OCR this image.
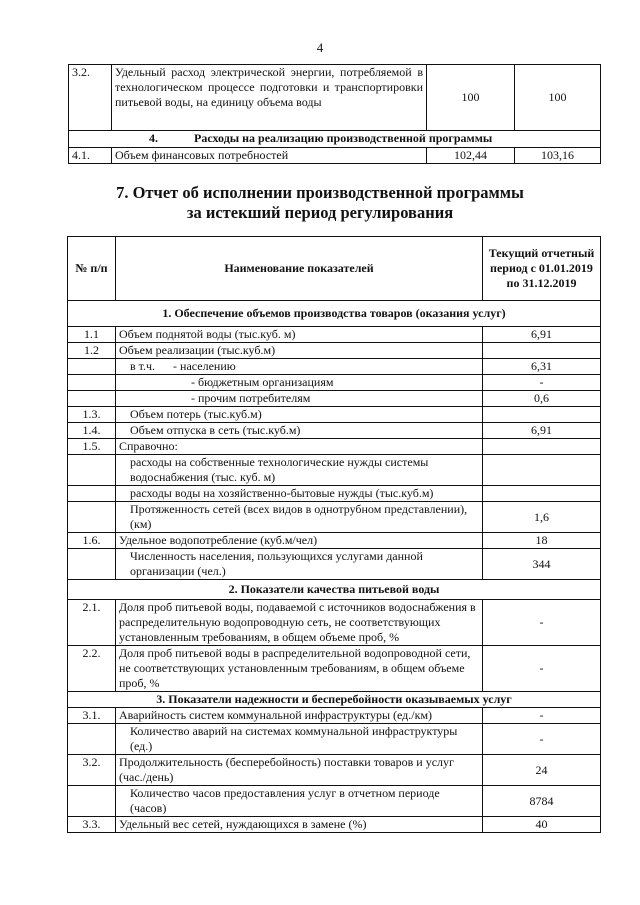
4
3.2.	Удельный расход электрической энергии, потребляемой в технологическом процессе подготовки и транспортировки питьевой воды, на единицу объема воды	100	100
4. Расходы на реализацию производственной программы			
4.1.	Объем финансовых потребностей	102,44	103,16
7. Отчет об исполнении производственной программы
за истекший период регулирования
№ п/п	Наименование показателей	Текущий отчетный период с 01.01.2019 по 31.12.2019
1. Обеспечение объемов производства товаров (оказания услуг)		
1.1	Объем поднятой воды (тыс.куб. м)	6,91
1.2	Объем реализации (тыс.куб.м)	
	в т.ч. - населению	6,31
	- бюджетным организациям	-
	- прочим потребителям	0,6
1.3.	Объем потерь (тыс.куб.м)	
1.4.	Объем отпуска в сеть (тыс.куб.м)	6,91
1.5.	Справочно:	
	расходы на собственные технологические нужды системы водоснабжения (тыс. куб. м)	
	расходы воды на хозяйственно-бытовые нужды (тыс.куб.м)	
	Протяженность сетей (всех видов в однотрубном представлении), (км)	1,6
1.6.	Удельное водопотребление (куб.м/чел)	18
	Численность населения, пользующихся услугами данной организации (чел.)	344
2. Показатели качества питьевой воды		
2.1.	Доля проб питьевой воды, подаваемой с источников водоснабжения в распределительную водопроводную сеть, не соответствующих установленным требованиям, в общем объеме проб, %	-
2.2.	Доля проб питьевой воды в распределительной водопроводной сети, не соответствующих установленным требованиям, в общем объеме проб, %	-
3. Показатели надежности и бесперебойности оказываемых услуг		
3.1.	Аварийность систем коммунальной инфраструктуры (ед./км)	-
	Количество аварий на системах коммунальной инфраструктуры (ед.)	-
3.2.	Продолжительность (бесперебойность) поставки товаров и услуг (час./день)	24
	Количество часов предоставления услуг в отчетном периоде (часов)	8784
3.3.	Удельный вес сетей, нуждающихся в замене (%)	40
